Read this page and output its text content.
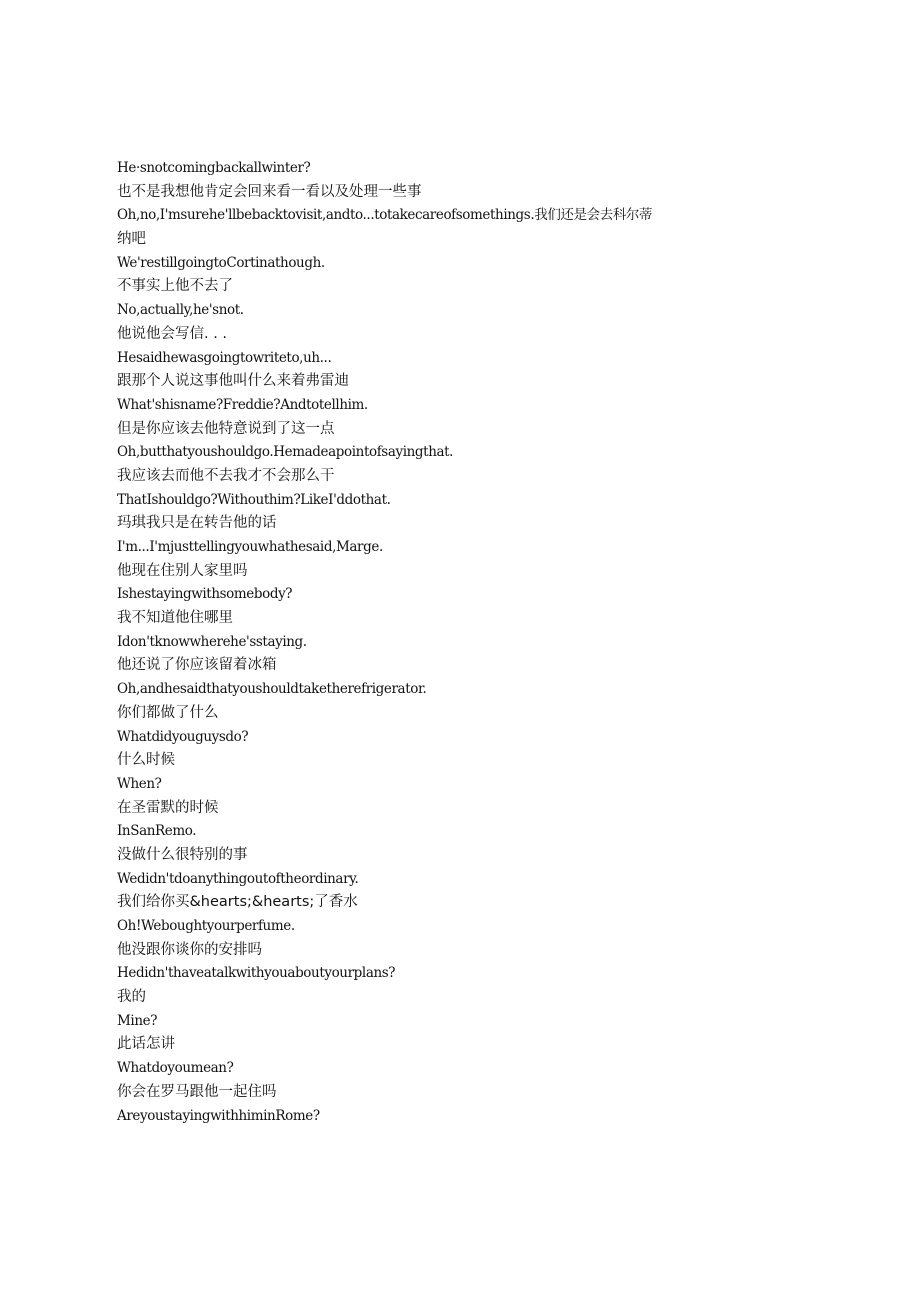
He·snotcomingbackallwinter?
也不是我想他肯定会回来看一看以及处理一些事
Oh,no,I'msurehe'llbebacktovisit,andto...totakecareofsomethings.我们还是会去科尔蒂
纳吧
We'restillgoingtoCortinathough.
不事实上他不去了
No,actually,he'snot.
他说他会写信. . .
Hesaidhewasgoingtowriteto,uh...
跟那个人说这事他叫什么来着弗雷迪
What'shisname?Freddie?Andtotellhim.
但是你应该去他特意说到了这一点
Oh,butthatyoushouldgo.Hemadeapointofsayingthat.
我应该去而他不去我才不会那么干
ThatIshouldgo?Withouthim?LikeI'ddothat.
玛琪我只是在转告他的话
I'm...I'mjusttellingyouwhathesaid,Marge.
他现在住别人家里吗
Ishestayingwithsomebody?
我不知道他住哪里
Idon'tknowwherehe'sstaying.
他还说了你应该留着冰箱
Oh,andhesaidthatyoushouldtaketherefrigerator.
你们都做了什么
Whatdidyouguysdo?
什么时候
When?
在圣雷默的时候
InSanRemo.
没做什么很特别的事
Wedidn'tdoanythingoutoftheordinary.
我们给你买&hearts;&hearts;了香水
Oh!Weboughtyourperfume.
他没跟你谈你的安排吗
Hedidn'thaveatalkwithyouaboutyourplans?
我的
Mine?
此话怎讲
Whatdoyoumean?
你会在罗马跟他一起住吗
AreyoustayingwithhiminRome?
